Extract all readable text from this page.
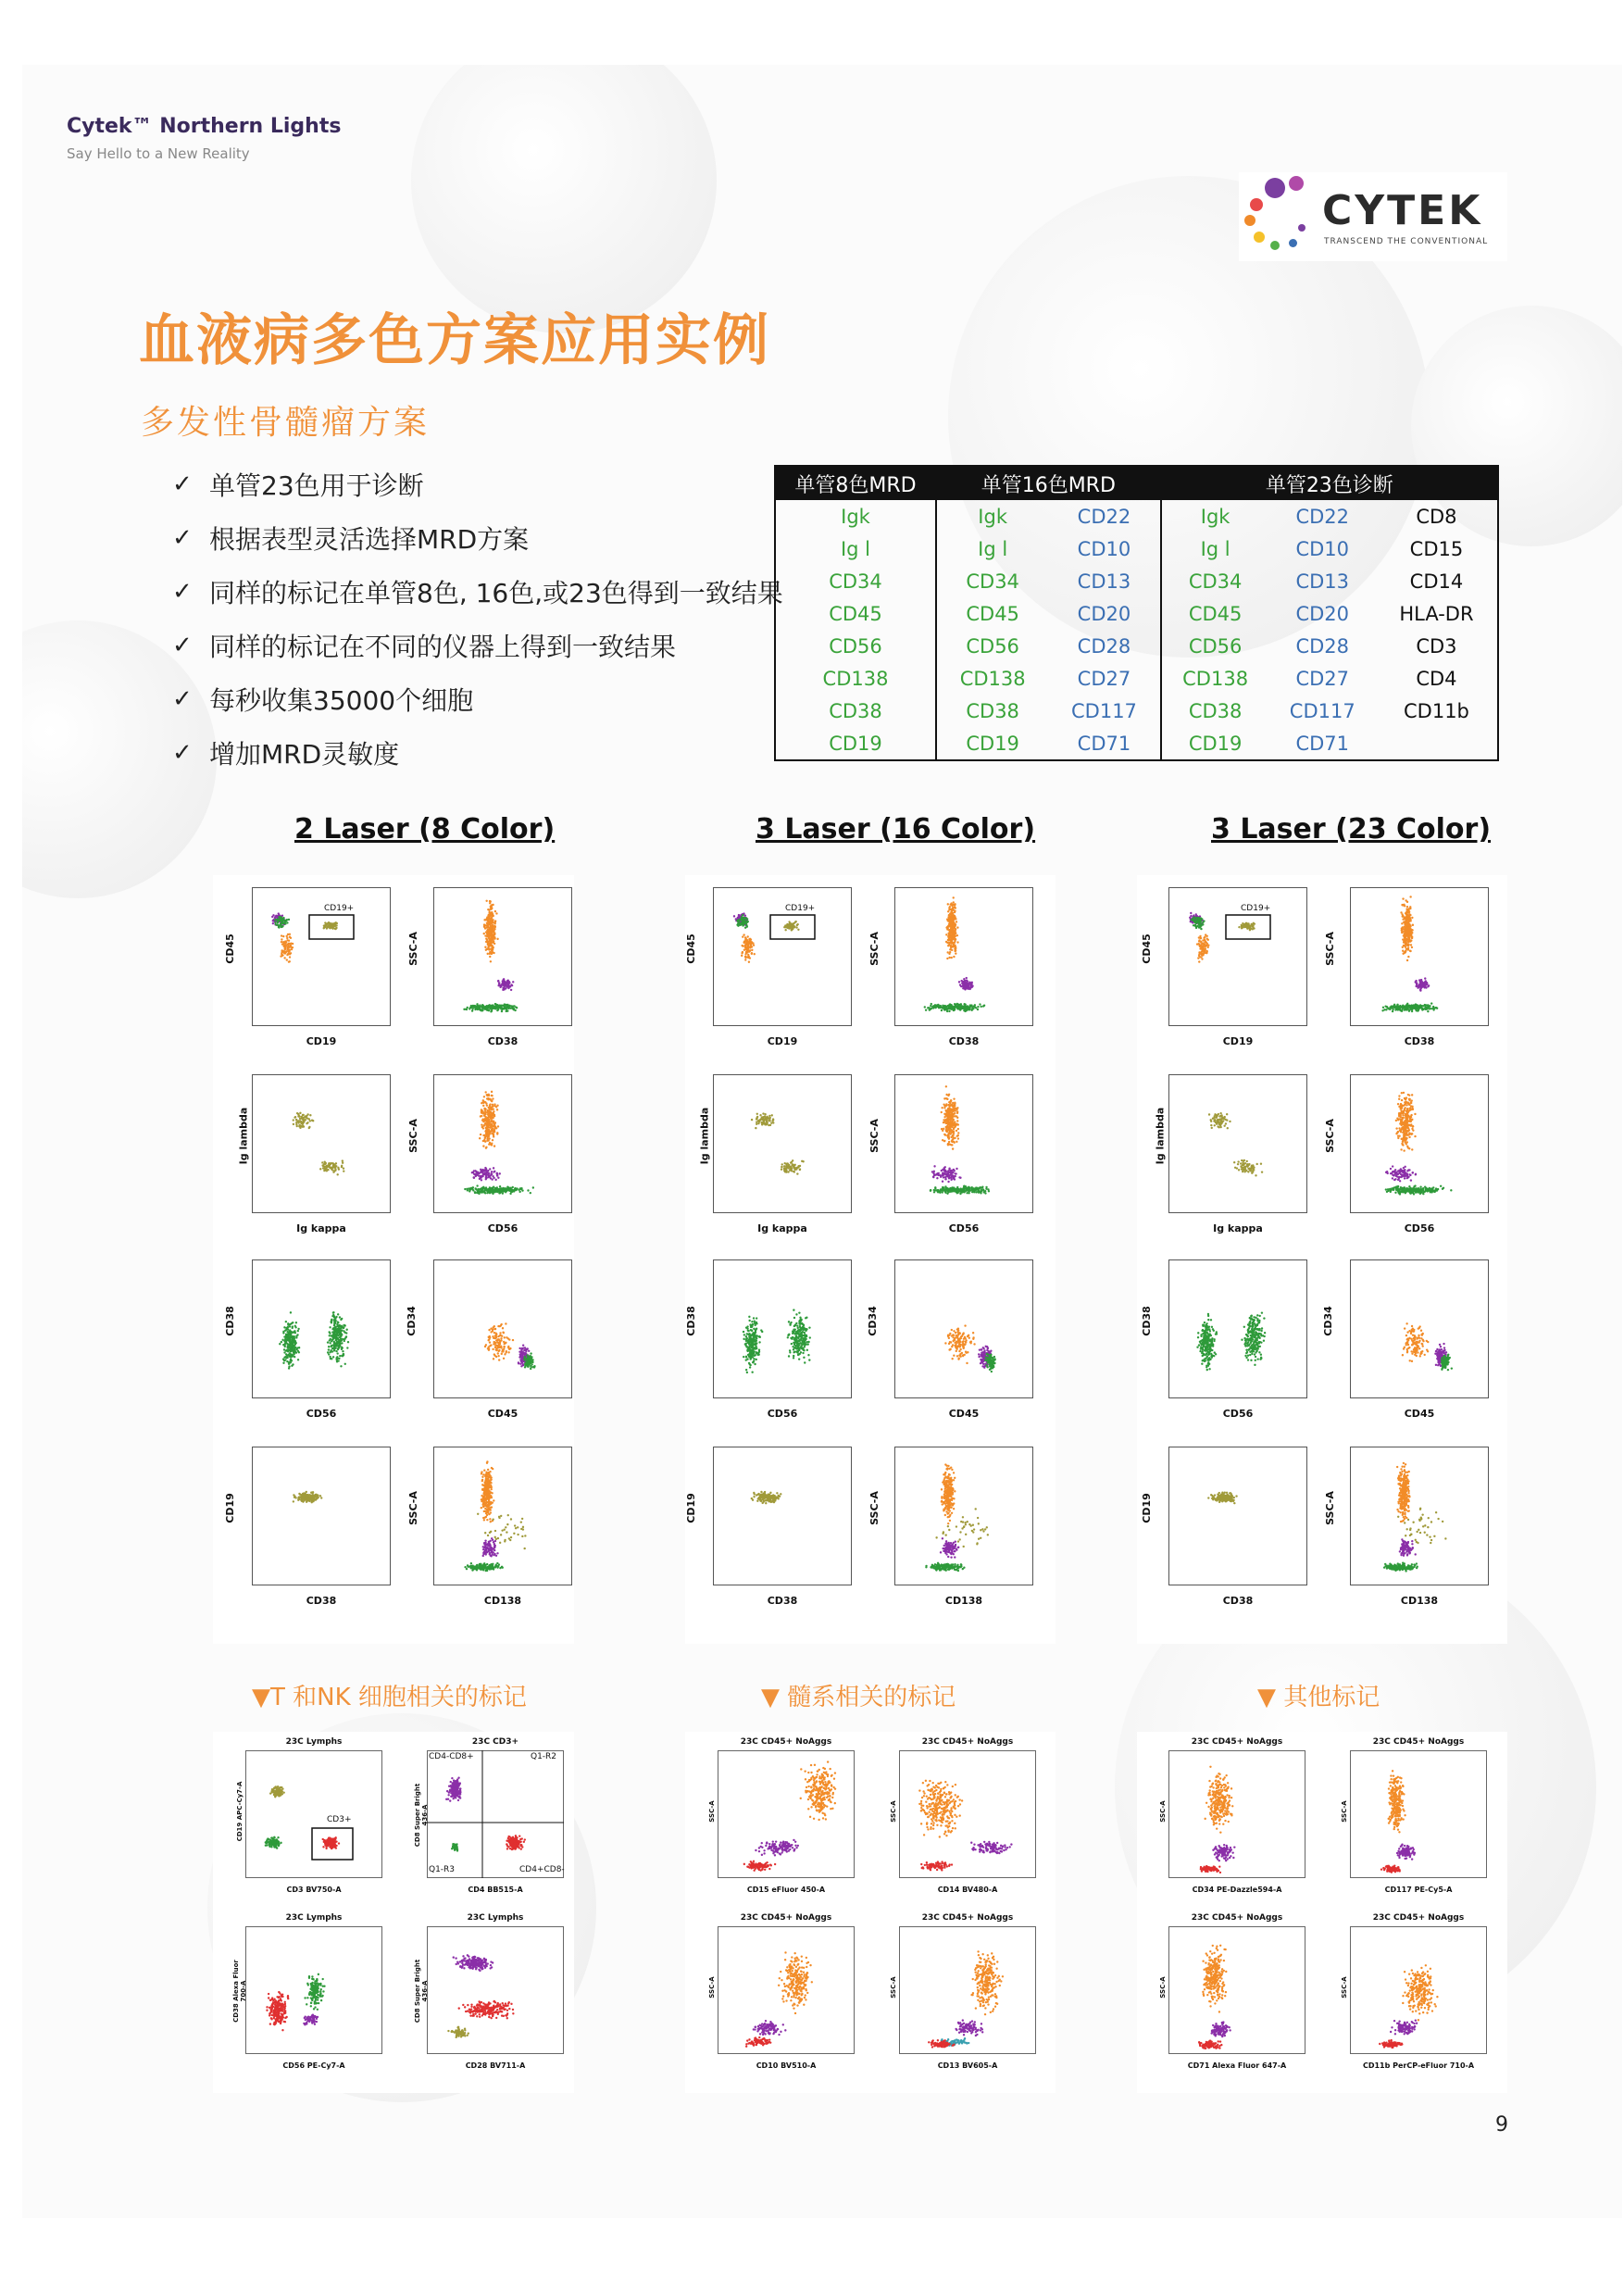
Cytek™ Northern Lights
Say Hello to a New Reality
CYTEK
TRANSCEND THE CONVENTIONAL
血液病多色方案应用实例
多发性骨髓瘤方案
✓ 单管23色用于诊断
✓ 根据表型灵活选择MRD方案
✓ 同样的标记在单管8色, 16色,或23色得到一致结果
✓ 同样的标记在不同的仪器上得到一致结果
✓ 每秒收集35000个细胞
✓ 增加MRD灵敏度
单管8色MRD	单管16色MRD		单管23色诊断		
Igk	Igk	CD22	Igk	CD22	CD8
Ig l	Ig l	CD10	Ig l	CD10	CD15
CD34	CD34	CD13	CD34	CD13	CD14
CD45	CD45	CD20	CD45	CD20	HLA-DR
CD56	CD56	CD28	CD56	CD28	CD3
CD138	CD138	CD27	CD138	CD27	CD4
CD38	CD38	CD117	CD38	CD117	CD11b
CD19	CD19	CD71	CD19	CD71	
2 Laser (8 Color)	3 Laser (16 Color)	3 Laser (23 Color)
CD45
CD19
CD19+
SSC-A
CD38
Ig lambda
Ig kappa
SSC-A
CD56
CD38
CD56
CD34
CD45
CD19
CD38
SSC-A
CD138
CD45
CD19
CD19+
SSC-A
CD38
Ig lambda
Ig kappa
SSC-A
CD56
CD38
CD56
CD34
CD45
CD19
CD38
SSC-A
CD138
CD45
CD19
CD19+
SSC-A
CD38
Ig lambda
Ig kappa
SSC-A
CD56
CD38
CD56
CD34
CD45
CD19
CD38
SSC-A
CD138
▼T 和NK 细胞相关的标记	▼ 髓系相关的标记	▼ 其他标记
23C Lymphs
CD19 APC-Cy7-A
CD3 BV750-A
CD3+
23C CD3+
CD8 Super Bright 436-A
CD4 BB515-A
CD4-CD8+	Q1-R2
Q1-R3	CD4+CD8-
23C Lymphs
CD38 Alexa Fluor 700-A
CD56 PE-Cy7-A
23C Lymphs
CD8 Super Bright 436-A
CD28 BV711-A
23C CD45+ NoAggs
SSC-A
CD15 eFluor 450-A
23C CD45+ NoAggs
SSC-A
CD14 BV480-A
23C CD45+ NoAggs
SSC-A
CD10 BV510-A
23C CD45+ NoAggs
SSC-A
CD13 BV605-A
23C CD45+ NoAggs
SSC-A
CD34 PE-Dazzle594-A
23C CD45+ NoAggs
SSC-A
CD117 PE-Cy5-A
23C CD45+ NoAggs
SSC-A
CD71 Alexa Fluor 647-A
23C CD45+ NoAggs
SSC-A
CD11b PerCP-eFluor 710-A
9
